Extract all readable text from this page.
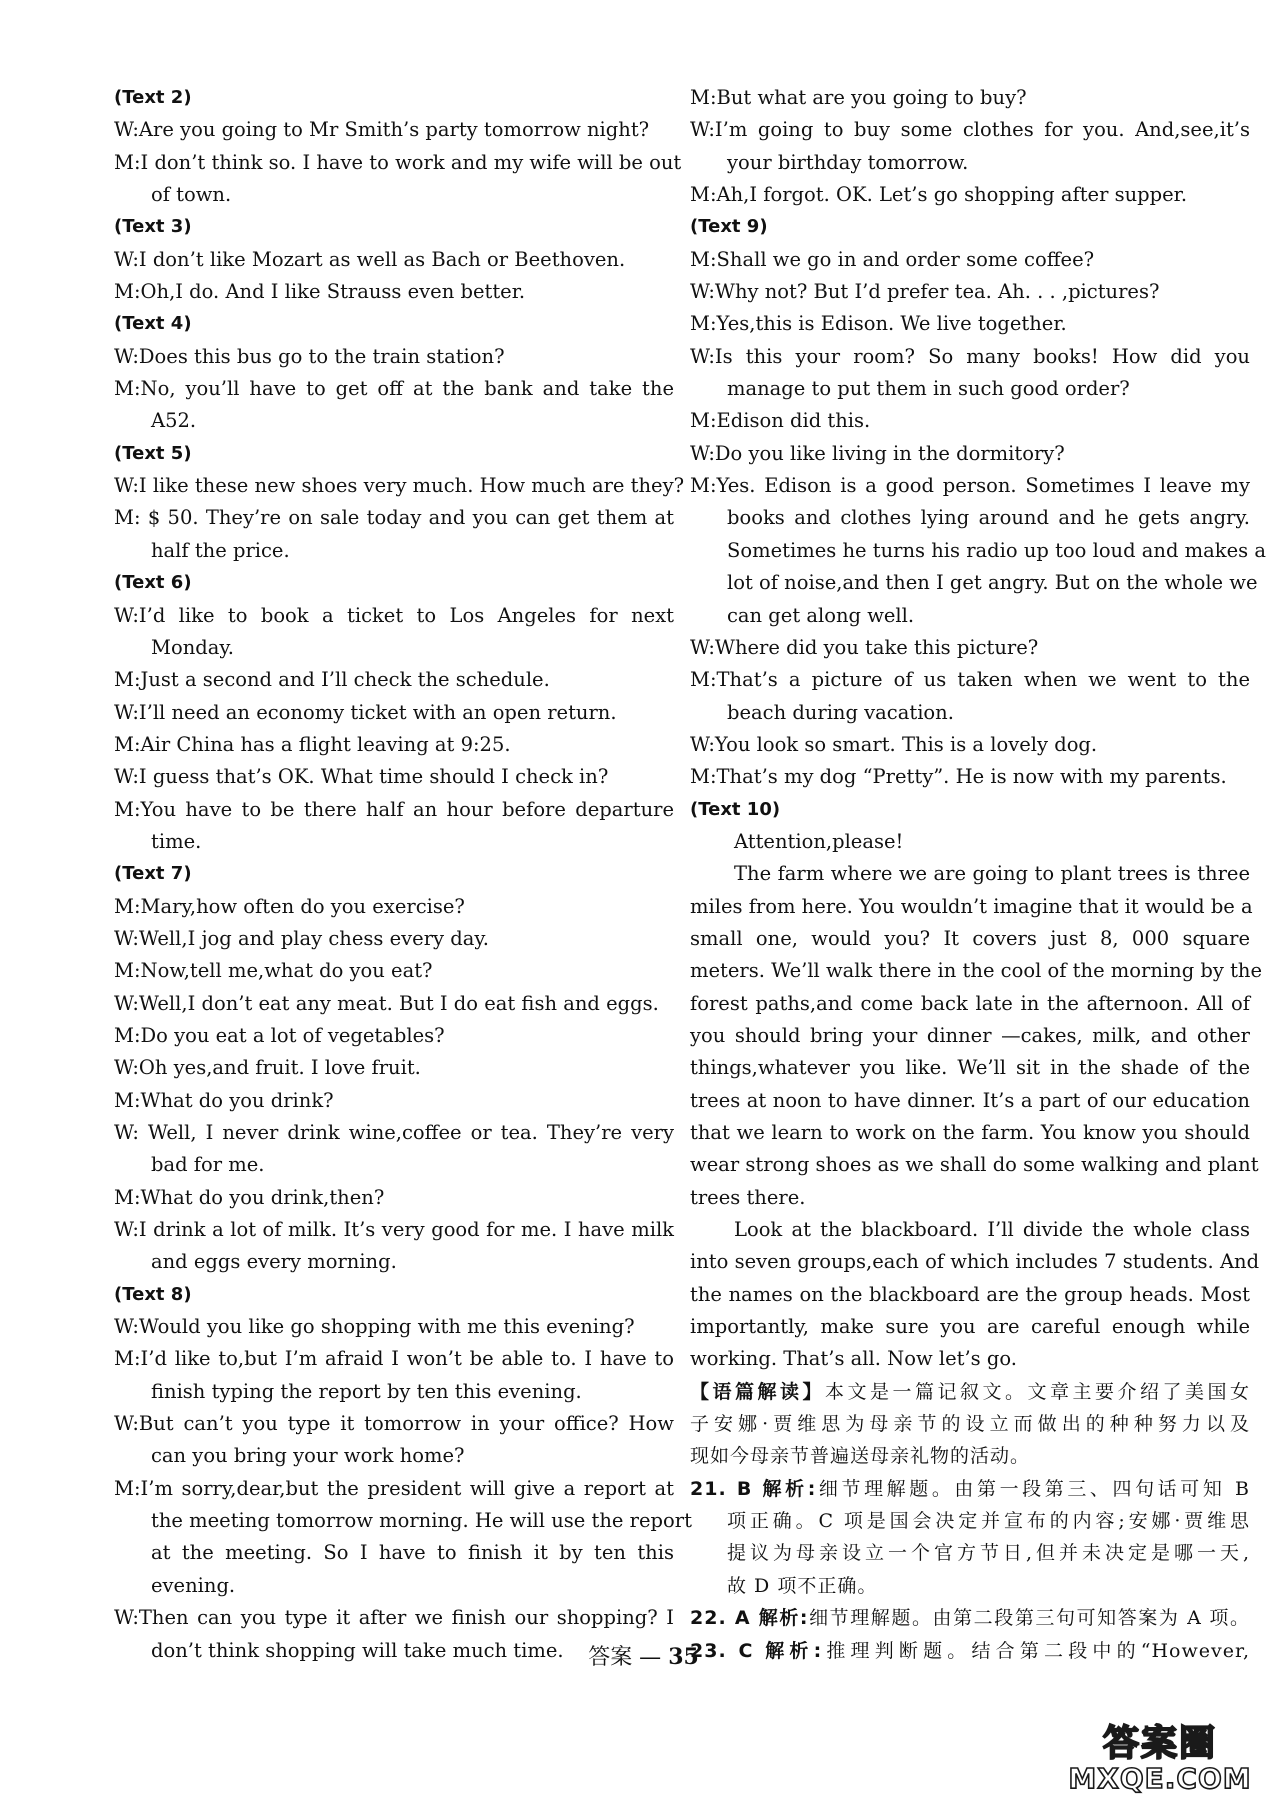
(Text 2)
W:Are you going to Mr Smith’s party tomorrow night?
M:I don’t think so. I have to work and my wife will be out
of town.
(Text 3)
W:I don’t like Mozart as well as Bach or Beethoven.
M:Oh,I do. And I like Strauss even better.
(Text 4)
W:Does this bus go to the train station?
M:No, you’ll have to get off at the bank and take the
A52.
(Text 5)
W:I like these new shoes very much. How much are they?
M: $ 50. They’re on sale today and you can get them at
half the price.
(Text 6)
W:I’d like to book a ticket to Los Angeles for next
Monday.
M:Just a second and I’ll check the schedule.
W:I’ll need an economy ticket with an open return.
M:Air China has a flight leaving at 9:25.
W:I guess that’s OK. What time should I check in?
M:You have to be there half an hour before departure
time.
(Text 7)
M:Mary,how often do you exercise?
W:Well,I jog and play chess every day.
M:Now,tell me,what do you eat?
W:Well,I don’t eat any meat. But I do eat fish and eggs.
M:Do you eat a lot of vegetables?
W:Oh yes,and fruit. I love fruit.
M:What do you drink?
W: Well, I never drink wine,coffee or tea. They’re very
bad for me.
M:What do you drink,then?
W:I drink a lot of milk. It’s very good for me. I have milk
and eggs every morning.
(Text 8)
W:Would you like go shopping with me this evening?
M:I’d like to,but I’m afraid I won’t be able to. I have to
finish typing the report by ten this evening.
W:But can’t you type it tomorrow in your office? How
can you bring your work home?
M:I’m sorry,dear,but the president will give a report at
the meeting tomorrow morning. He will use the report
at the meeting. So I have to finish it by ten this
evening.
W:Then can you type it after we finish our shopping? I
don’t think shopping will take much time.
M:But what are you going to buy?
W:I’m going to buy some clothes for you. And,see,it’s
your birthday tomorrow.
M:Ah,I forgot. OK. Let’s go shopping after supper.
(Text 9)
M:Shall we go in and order some coffee?
W:Why not? But I’d prefer tea. Ah. . . ,pictures?
M:Yes,this is Edison. We live together.
W:Is this your room? So many books! How did you
manage to put them in such good order?
M:Edison did this.
W:Do you like living in the dormitory?
M:Yes. Edison is a good person. Sometimes I leave my
books and clothes lying around and he gets angry.
Sometimes he turns his radio up too loud and makes a
lot of noise,and then I get angry. But on the whole we
can get along well.
W:Where did you take this picture?
M:That’s a picture of us taken when we went to the
beach during vacation.
W:You look so smart. This is a lovely dog.
M:That’s my dog “Pretty”. He is now with my parents.
(Text 10)
Attention,please!
The farm where we are going to plant trees is three
miles from here. You wouldn’t imagine that it would be a
small one, would you? It covers just 8, 000 square
meters. We’ll walk there in the cool of the morning by the
forest paths,and come back late in the afternoon. All of
you should bring your dinner —cakes, milk, and other
things,whatever you like. We’ll sit in the shade of the
trees at noon to have dinner. It’s a part of our education
that we learn to work on the farm. You know you should
wear strong shoes as we shall do some walking and plant
trees there.
Look at the blackboard. I’ll divide the whole class
into seven groups,each of which includes 7 students. And
the names on the blackboard are the group heads. Most
importantly, make sure you are careful enough while
working. That’s all. Now let’s go.
【语篇解读】本文是一篇记叙文。文章主要介绍了美国女
子安娜·贾维思为母亲节的设立而做出的种种努力以及
现如今母亲节普遍送母亲礼物的活动。
21. B 解析:细节理解题。由第一段第三、四句话可知 B
项正确。C 项是国会决定并宣布的内容;安娜·贾维思
提议为母亲设立一个官方节日,但并未决定是哪一天,
故 D 项不正确。
22. A 解析:细节理解题。由第二段第三句可知答案为 A 项。
23. C 解析:推理判断题。结合第二段中的“However,
答案 — 35
答案圈
MXQE.COM
